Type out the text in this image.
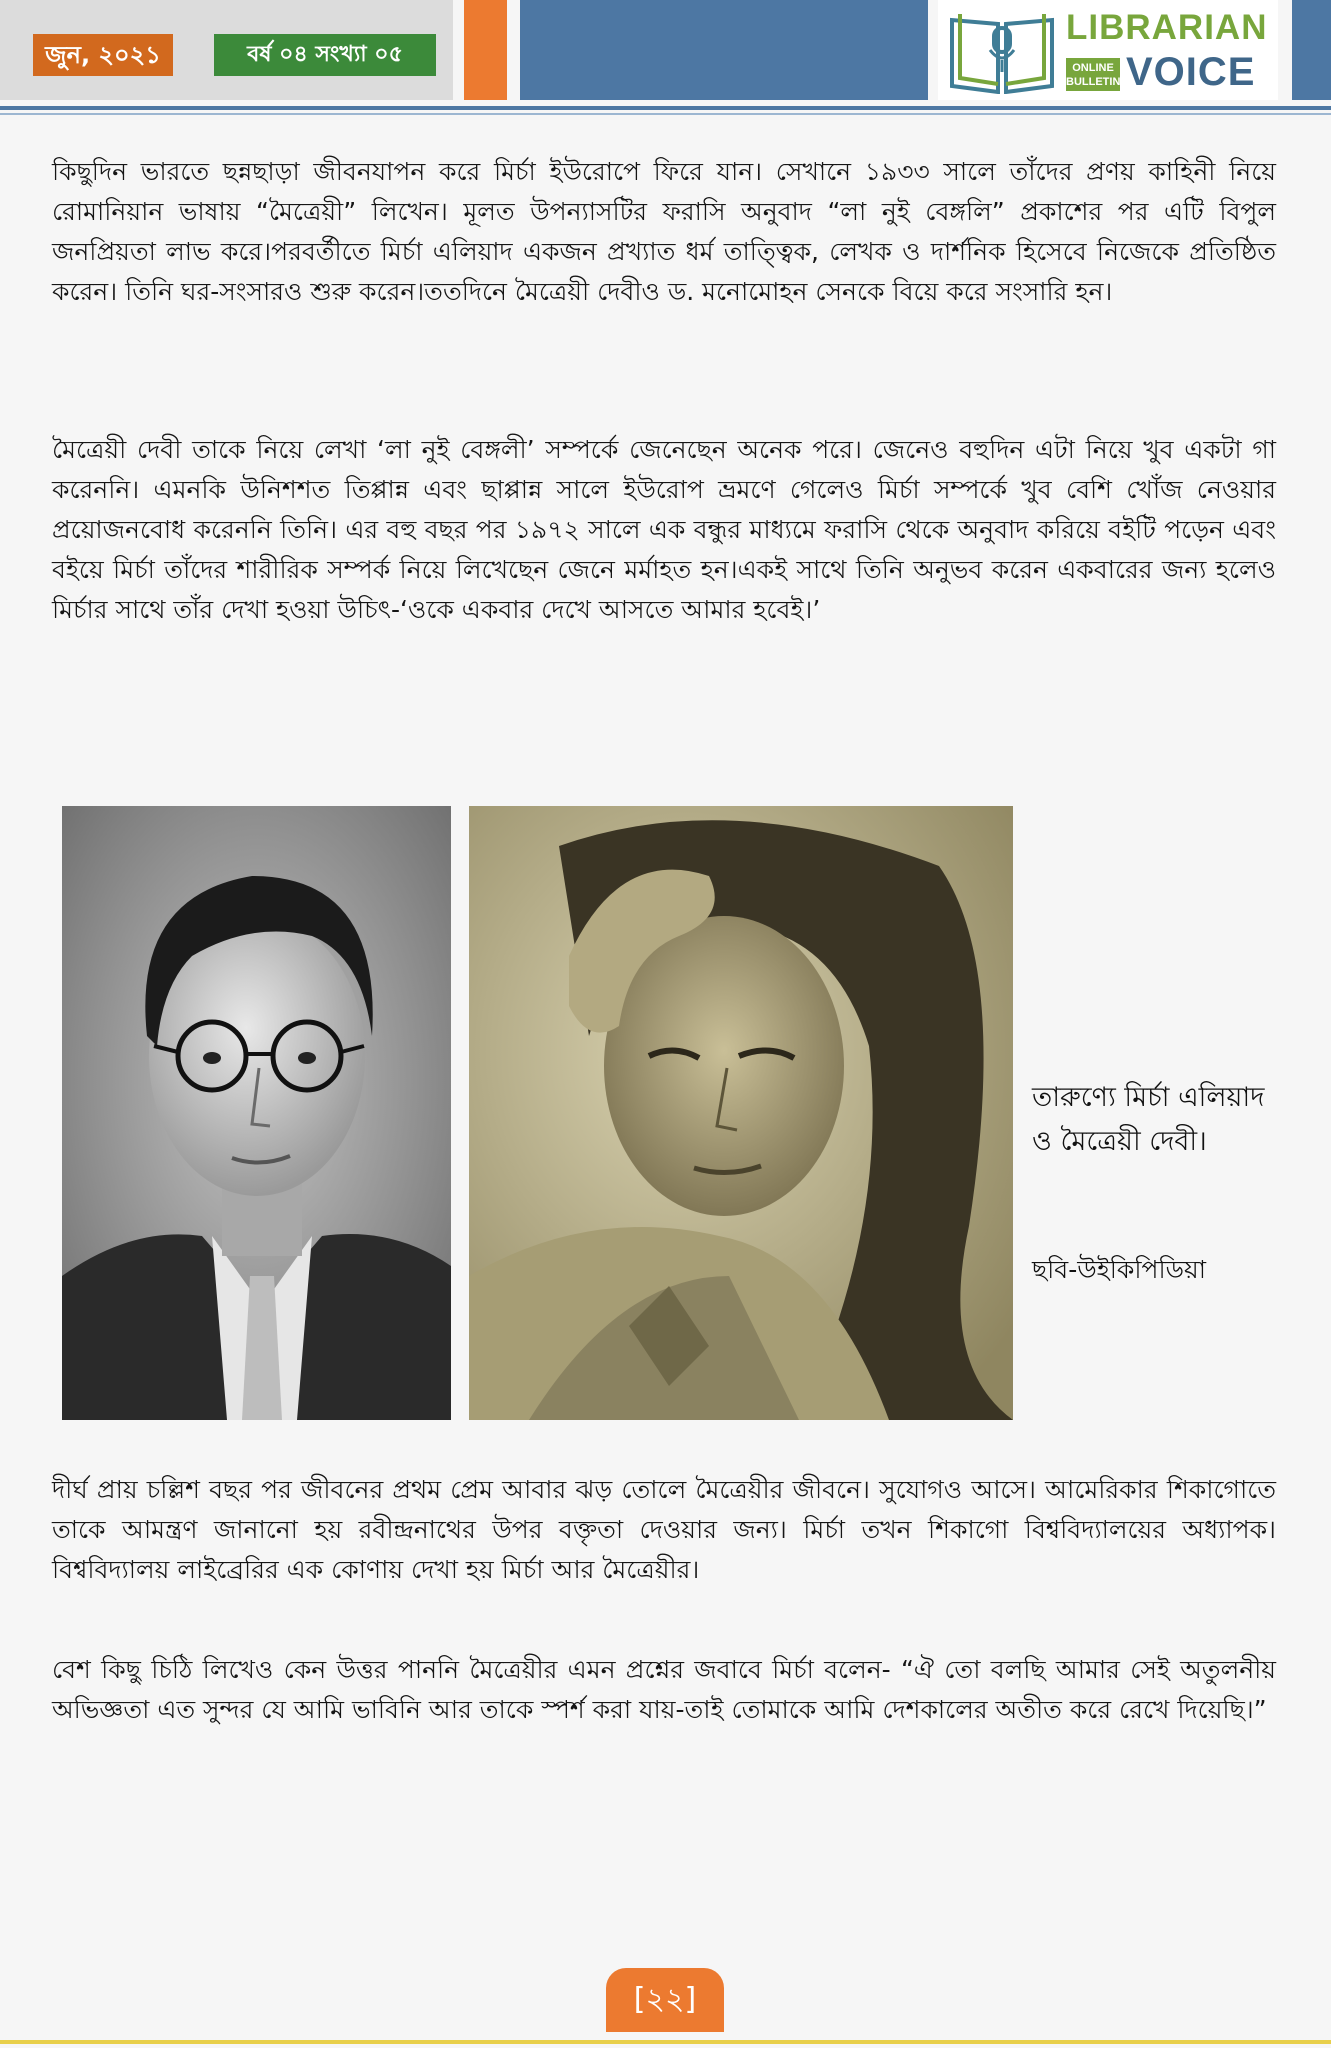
জুন, ২০২১	বর্ষ ০৪ সংখ্যা ০৫
LIBRARIAN
ONLINE
BULLETIN VOICE

কিছুদিন ভারতে ছন্নছাড়া জীবনযাপন করে মির্চা ইউরোপে ফিরে যান। সেখানে ১৯৩৩ সালে তাঁদের প্রণয় কাহিনী নিয়ে রোমানিয়ান ভাষায় “মৈত্রেয়ী” লিখেন। মূলত উপন্যাসটির ফরাসি অনুবাদ “লা নুই বেঙ্গলি” প্রকাশের পর এটি বিপুল জনপ্রিয়তা লাভ করে।পরবর্তীতে মির্চা এলিয়াদ একজন প্রখ্যাত ধর্ম তাত্ত্বিক, লেখক ও দার্শনিক হিসেবে নিজেকে প্রতিষ্ঠিত করেন। তিনি ঘর-সংসারও শুরু করেন।ততদিনে মৈত্রেয়ী দেবীও ড. মনোমোহন সেনকে বিয়ে করে সংসারি হন।

মৈত্রেয়ী দেবী তাকে নিয়ে লেখা ‘লা নুই বেঙ্গলী’ সম্পর্কে জেনেছেন অনেক পরে। জেনেও বহুদিন এটা নিয়ে খুব একটা গা করেননি। এমনকি উনিশশত তিপ্পান্ন এবং ছাপ্পান্ন সালে ইউরোপ ভ্রমণে গেলেও মির্চা সম্পর্কে খুব বেশি খোঁজ নেওয়ার প্রয়োজনবোধ করেননি তিনি। এর বহু বছর পর ১৯৭২ সালে এক বন্ধুর মাধ্যমে ফরাসি থেকে অনুবাদ করিয়ে বইটি পড়েন এবং বইয়ে মির্চা তাঁদের শারীরিক সম্পর্ক নিয়ে লিখেছেন জেনে মর্মাহত হন।একই সাথে তিনি অনুভব করেন একবারের জন্য হলেও মির্চার সাথে তাঁর দেখা হওয়া উচিৎ-‘ওকে একবার দেখে আসতে আমার হবেই।’

তারুণ্যে মির্চা এলিয়াদ ও মৈত্রেয়ী দেবী।

ছবি-উইকিপিডিয়া

দীর্ঘ প্রায় চল্লিশ বছর পর জীবনের প্রথম প্রেম আবার ঝড় তোলে মৈত্রেয়ীর জীবনে। সুযোগও আসে। আমেরিকার শিকাগোতে তাকে আমন্ত্রণ জানানো হয় রবীন্দ্রনাথের উপর বক্তৃতা দেওয়ার জন্য। মির্চা তখন শিকাগো বিশ্ববিদ্যালয়ের অধ্যাপক। বিশ্ববিদ্যালয় লাইব্রেরির এক কোণায় দেখা হয় মির্চা আর মৈত্রেয়ীর।

বেশ কিছু চিঠি লিখেও কেন উত্তর পাননি মৈত্রেয়ীর এমন প্রশ্নের জবাবে মির্চা বলেন- “ঐ তো বলছি আমার সেই অতুলনীয় অভিজ্ঞতা এত সুন্দর যে আমি ভাবিনি আর তাকে স্পর্শ করা যায়-তাই তোমাকে আমি দেশকালের অতীত করে রেখে দিয়েছি।”

[২২]
